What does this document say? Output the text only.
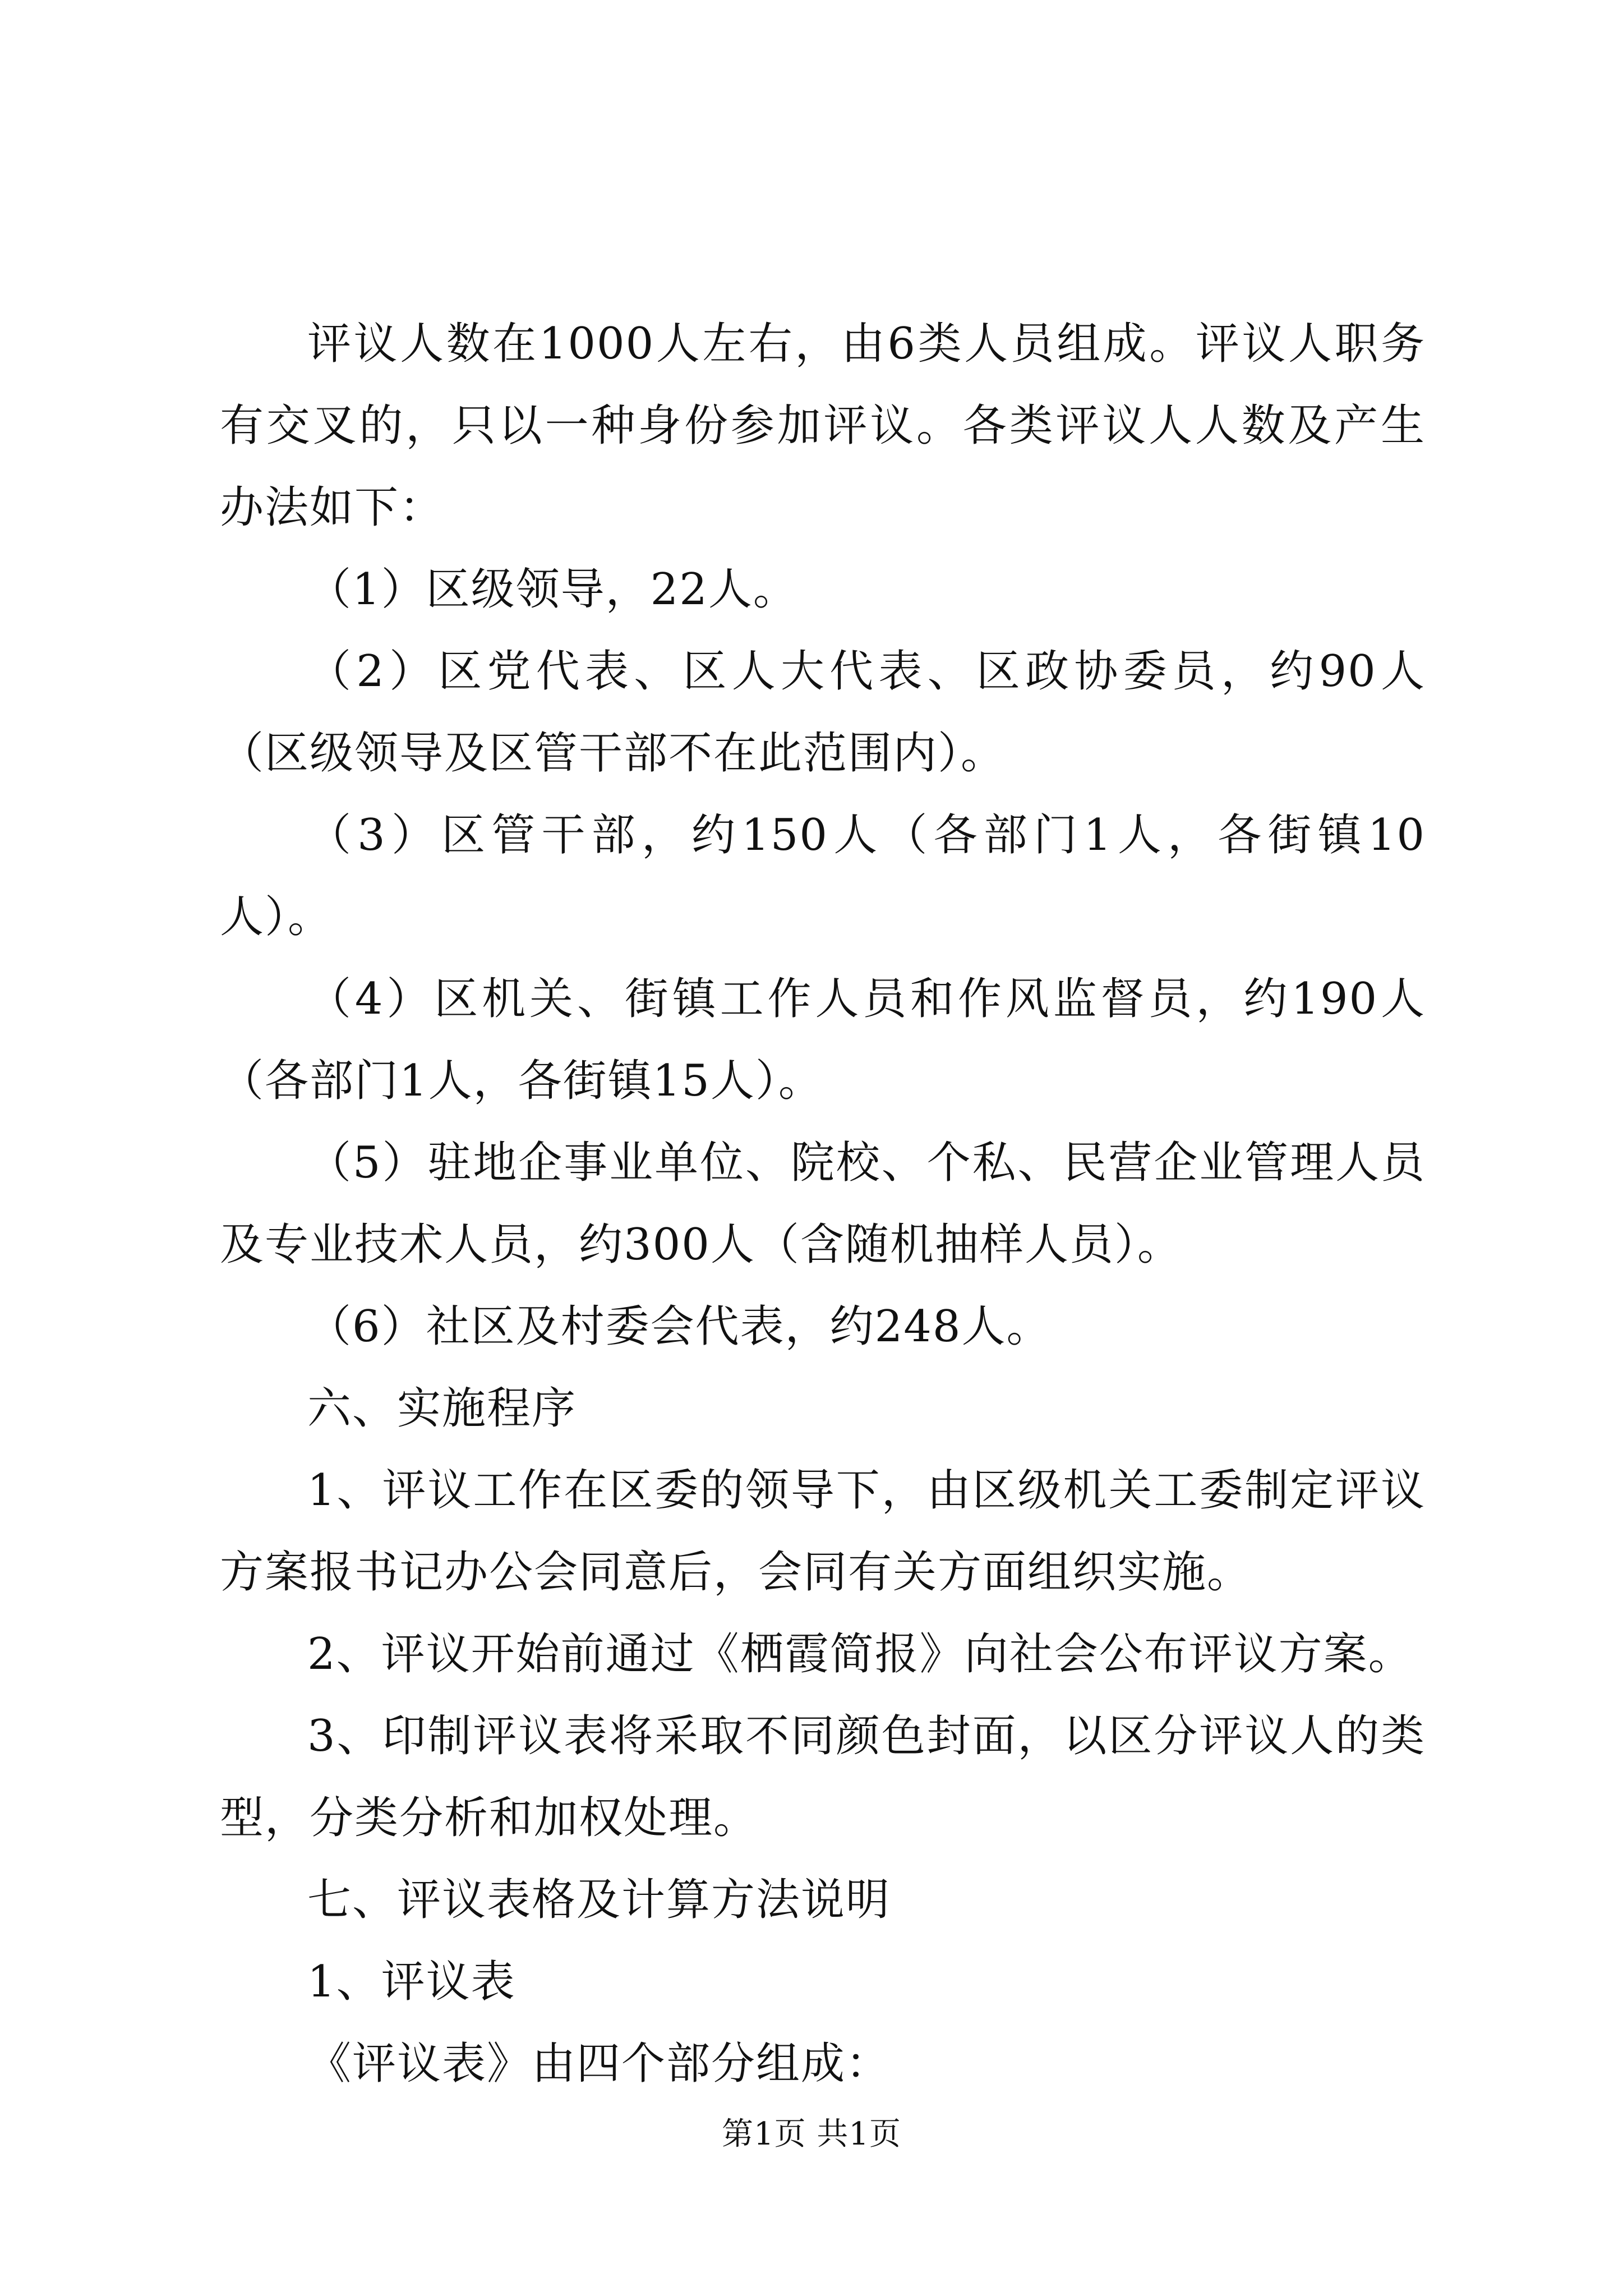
评议人数在1000人左右，由6类人员组成。评议人职务有交叉的，只以一种身份参加评议。各类评议人人数及产生办法如下：

（1）区级领导，22人。

（2）区党代表、区人大代表、区政协委员，约90人（区级领导及区管干部不在此范围内）。

（3）区管干部，约150人（各部门1人，各街镇10人）。

（4）区机关、街镇工作人员和作风监督员，约190人（各部门1人，各街镇15人）。

（5）驻地企事业单位、院校、个私、民营企业管理人员及专业技术人员，约300人（含随机抽样人员）。

（6）社区及村委会代表，约248人。

六、实施程序

1、评议工作在区委的领导下，由区级机关工委制定评议方案报书记办公会同意后，会同有关方面组织实施。

2、评议开始前通过《栖霞简报》向社会公布评议方案。

3、印制评议表将采取不同颜色封面，以区分评议人的类型，分类分析和加权处理。

七、评议表格及计算方法说明

1、评议表

《评议表》由四个部分组成：

第1页 共1页
